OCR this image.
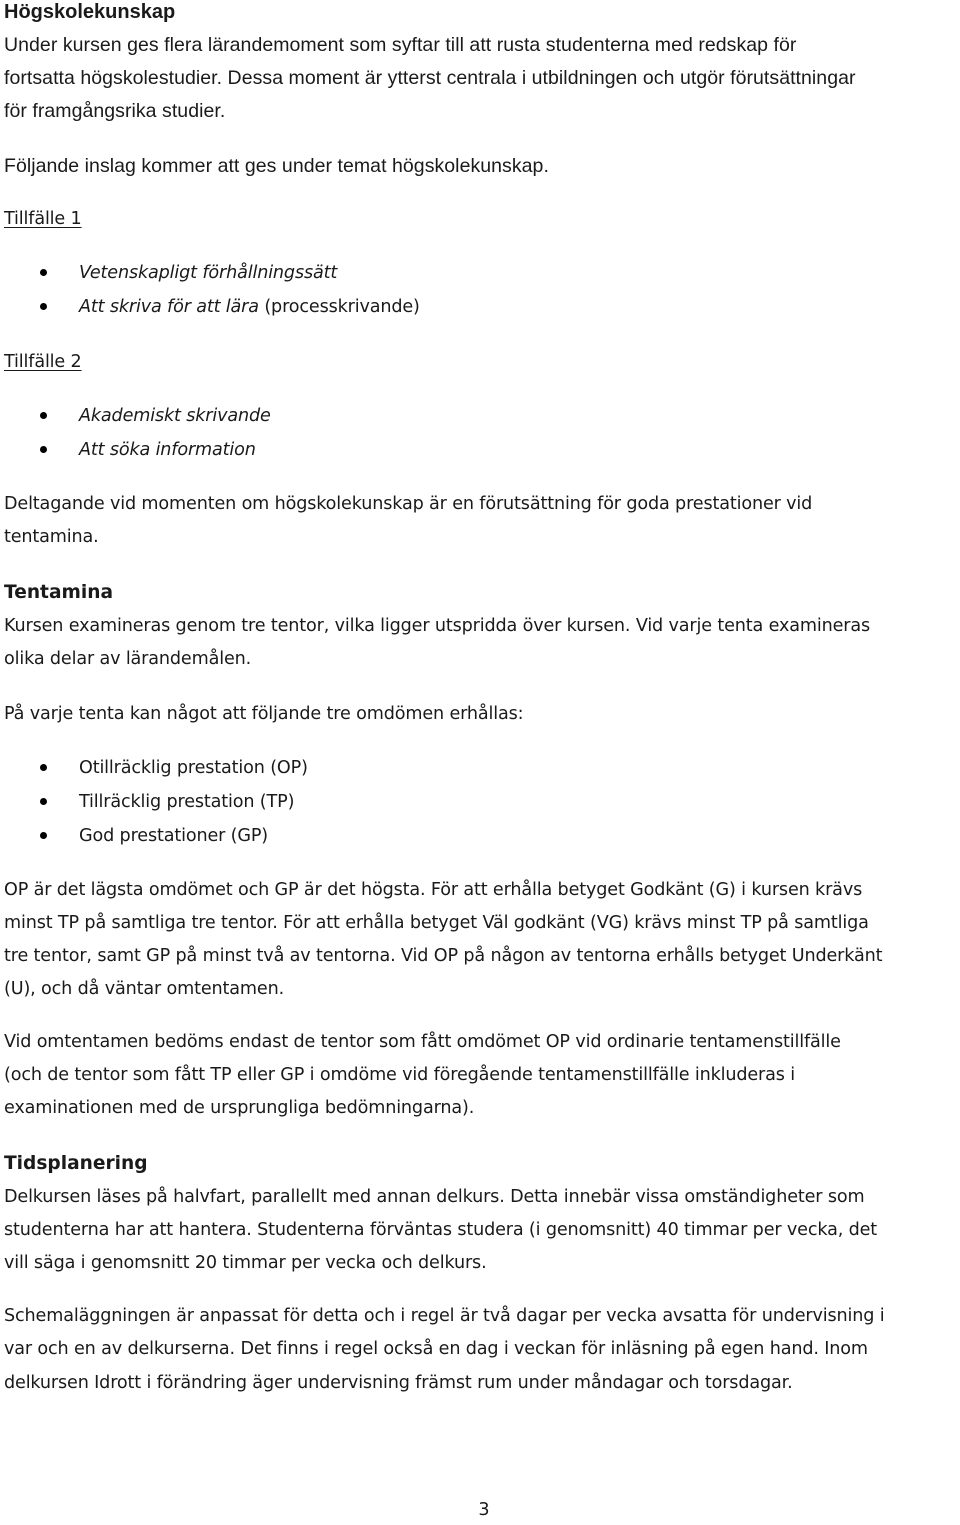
Högskolekunskap

Under kursen ges flera lärandemoment som syftar till att rusta studenterna med redskap för

fortsatta högskolestudier. Dessa moment är ytterst centrala i utbildningen och utgör förutsättningar

för framgångsrika studier.

Följande inslag kommer att ges under temat högskolekunskap.

Tillfälle 1

Vetenskapligt förhållningssätt
Att skriva för att lära (processkrivande)

Tillfälle 2

Akademiskt skrivande
Att söka information

Deltagande vid momenten om högskolekunskap är en förutsättning för goda prestationer vid

tentamina.

Tentamina

Kursen examineras genom tre tentor, vilka ligger utspridda över kursen. Vid varje tenta examineras

olika delar av lärandemålen.

På varje tenta kan något att följande tre omdömen erhållas:

Otillräcklig prestation (OP)
Tillräcklig prestation (TP)
God prestationer (GP)

OP är det lägsta omdömet och GP är det högsta. För att erhålla betyget Godkänt (G) i kursen krävs

minst TP på samtliga tre tentor. För att erhålla betyget Väl godkänt (VG) krävs minst TP på samtliga

tre tentor, samt GP på minst två av tentorna. Vid OP på någon av tentorna erhålls betyget Underkänt

(U), och då väntar omtentamen.

Vid omtentamen bedöms endast de tentor som fått omdömet OP vid ordinarie tentamenstillfälle

(och de tentor som fått TP eller GP i omdöme vid föregående tentamenstillfälle inkluderas i

examinationen med de ursprungliga bedömningarna).

Tidsplanering

Delkursen läses på halvfart, parallellt med annan delkurs. Detta innebär vissa omständigheter som

studenterna har att hantera. Studenterna förväntas studera (i genomsnitt) 40 timmar per vecka, det

vill säga i genomsnitt 20 timmar per vecka och delkurs.

Schemaläggningen är anpassat för detta och i regel är två dagar per vecka avsatta för undervisning i

var och en av delkurserna. Det finns i regel också en dag i veckan för inläsning på egen hand. Inom

delkursen Idrott i förändring äger undervisning främst rum under måndagar och torsdagar.

3
